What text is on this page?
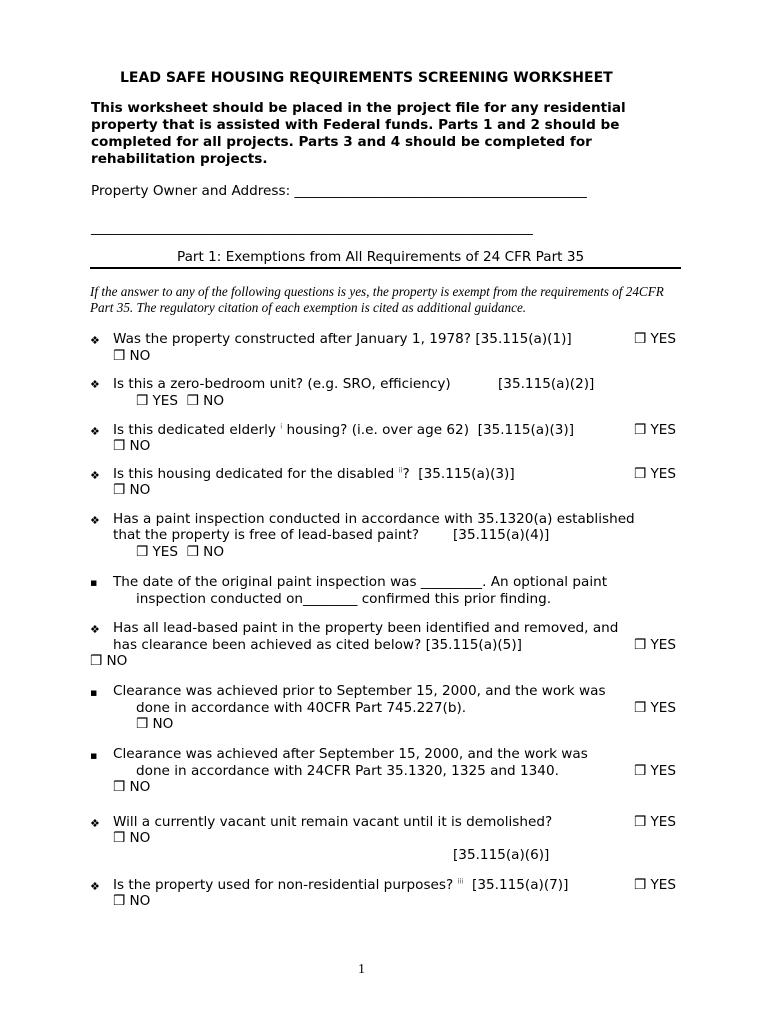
LEAD SAFE HOUSING REQUIREMENTS SCREENING WORKSHEET
This worksheet should be placed in the project file for any residential property that is assisted with Federal funds. Parts 1 and 2 should be completed for all projects. Parts 3 and 4 should be completed for rehabilitation projects.
Property Owner and Address: ___________________________________________
_________________________________________________________________
Part 1: Exemptions from All Requirements of 24 CFR Part 35
If the answer to any of the following questions is yes, the property is exempt from the requirements of 24CFR Part 35. The regulatory citation of each exemption is cited as additional guidance.
❖ Was the property constructed after January 1, 1978? [35.115(a)(1)]	❒ YES
❒ NO
❖ Is this a zero-bedroom unit? (e.g. SRO, efficiency)	[35.115(a)(2)]
❒ YES  ❒ NO
❖ Is this dedicated elderly $^i$ housing? (i.e. over age 62)  [35.115(a)(3)]	❒ YES
❒ NO
❖ Is this housing dedicated for the disabled $^{ii}$?  [35.115(a)(3)]	❒ YES
❒ NO
❖ Has a paint inspection conducted in accordance with 35.1320(a) established
that the property is free of lead-based paint? [35.115(a)(4)]
❒ YES  ❒ NO
▪ The date of the original paint inspection was _________. An optional paint
inspection conducted on________ confirmed this prior finding.
❖ Has all lead-based paint in the property been identified and removed, and
has clearance been achieved as cited below? [35.115(a)(5)]	❒ YES
❒ NO
▪ Clearance was achieved prior to September 15, 2000, and the work was
done in accordance with 40CFR Part 745.227(b).	❒ YES
❒ NO
▪ Clearance was achieved after September 15, 2000, and the work was
done in accordance with 24CFR Part 35.1320, 1325 and 1340.	❒ YES
❒ NO
❖ Will a currently vacant unit remain vacant until it is demolished?	❒ YES
❒ NO
[35.115(a)(6)]
❖ Is the property used for non-residential purposes? $^{iii}$  [35.115(a)(7)]	❒ YES
❒ NO
1
